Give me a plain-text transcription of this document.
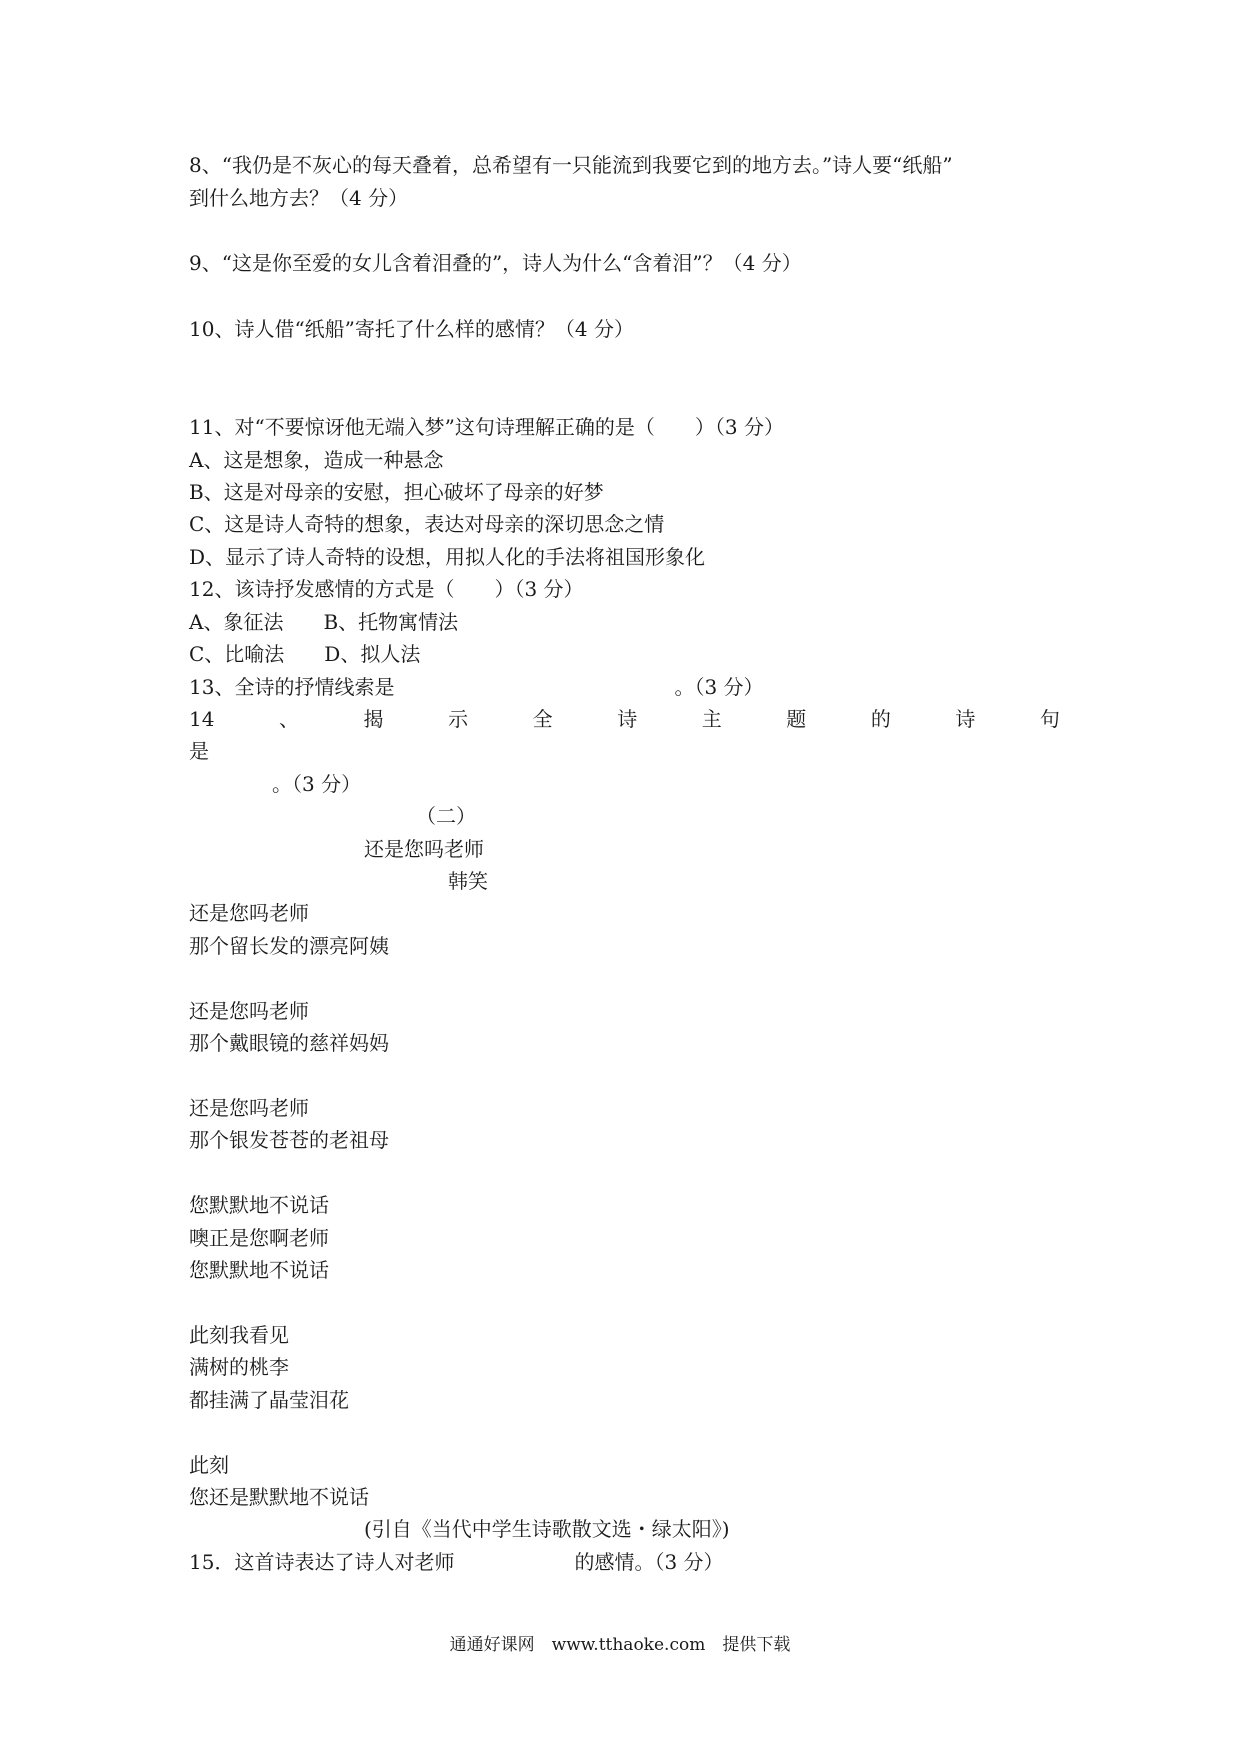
8、“我仍是不灰心的每天叠着，总希望有一只能流到我要它到的地方去。”诗人要“纸船”
到什么地方去？（4 分）
9、“这是你至爱的女儿含着泪叠的”，诗人为什么“含着泪”？（4 分）
10、诗人借“纸船”寄托了什么样的感情？（4 分）
11、对“不要惊讶他无端入梦”这句诗理解正确的是（　　）（3 分）
A、这是想象，造成一种悬念
B、这是对母亲的安慰，担心破坏了母亲的好梦
C、这是诗人奇特的想象，表达对母亲的深切思念之情
D、显示了诗人奇特的设想，用拟人化的手法将祖国形象化
12、该诗抒发感情的方式是（　　）（3 分）
A、象征法　　B、托物寓情法
C、比喻法　　D、拟人法
13、全诗的抒情线索是　　　　　　　　　　　　　　。（3 分）
14	、	揭	示	全	诗	主	题	的	诗	句
是
。（3 分）
（二）
还是您吗老师
韩笑
还是您吗老师
那个留长发的漂亮阿姨
还是您吗老师
那个戴眼镜的慈祥妈妈
还是您吗老师
那个银发苍苍的老祖母
您默默地不说话
噢正是您啊老师
您默默地不说话
此刻我看见
满树的桃李
都挂满了晶莹泪花
此刻
您还是默默地不说话
(引自《当代中学生诗歌散文选・绿太阳》)
15．这首诗表达了诗人对老师　　　　　　的感情。（3 分）
通通好课网　www.tthaoke.com　提供下载
